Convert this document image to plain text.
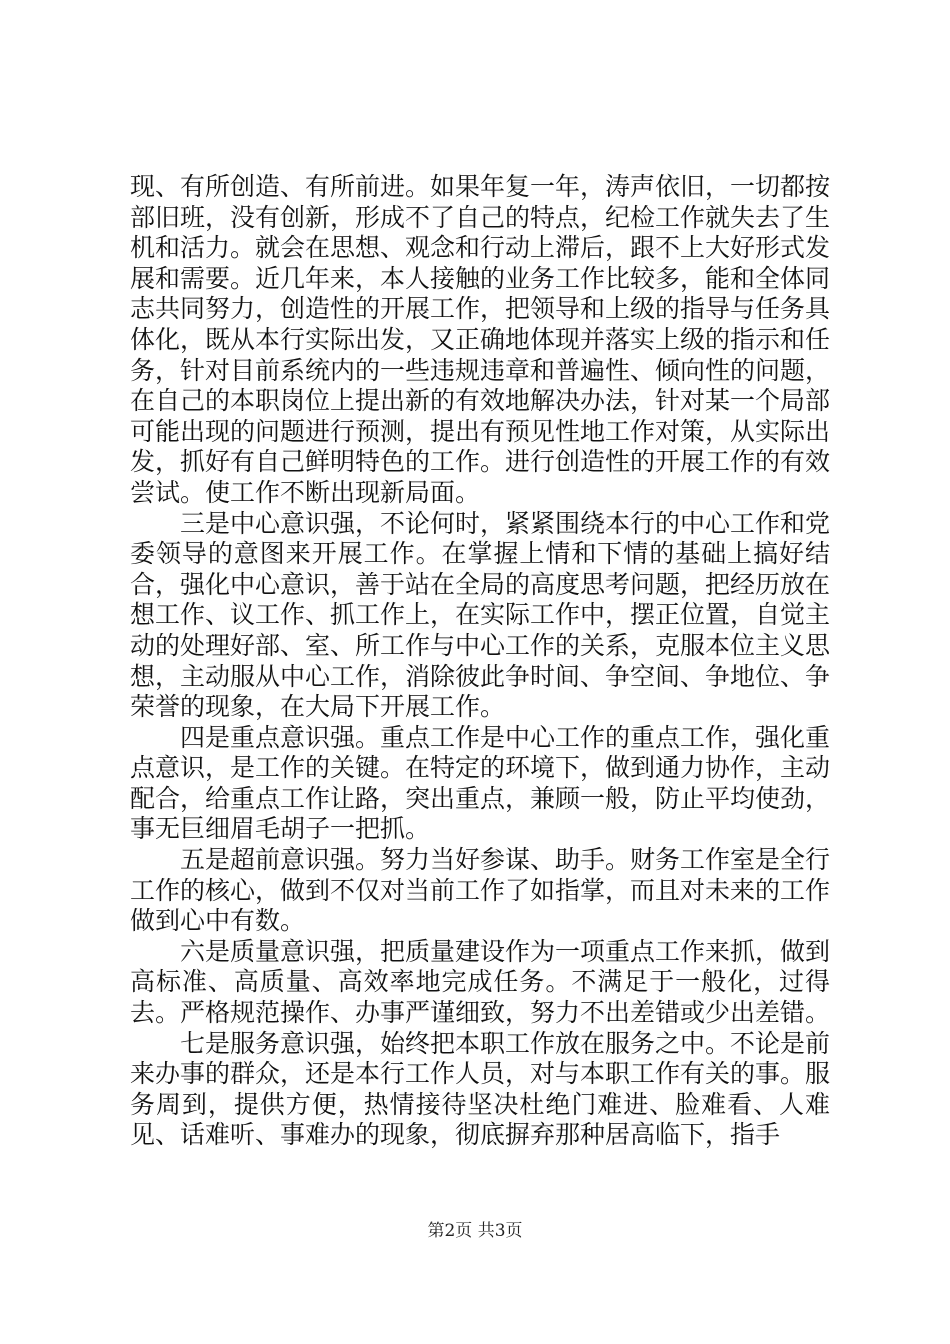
现、有所创造、有所前进。如果年复一年，涛声依旧，一切都按部旧班，没有创新，形成不了自己的特点，纪检工作就失去了生机和活力。就会在思想、观念和行动上滞后，跟不上大好形式发展和需要。近几年来，本人接触的业务工作比较多，能和全体同志共同努力，创造性的开展工作，把领导和上级的指导与任务具体化，既从本行实际出发，又正确地体现并落实上级的指示和任务，针对目前系统内的一些违规违章和普遍性、倾向性的问题，在自己的本职岗位上提出新的有效地解决办法，针对某一个局部可能出现的问题进行预测，提出有预见性地工作对策，从实际出发，抓好有自己鲜明特色的工作。进行创造性的开展工作的有效尝试。使工作不断出现新局面。

三是中心意识强，不论何时，紧紧围绕本行的中心工作和党委领导的意图来开展工作。在掌握上情和下情的基础上搞好结合，强化中心意识，善于站在全局的高度思考问题，把经历放在想工作、议工作、抓工作上，在实际工作中，摆正位置，自觉主动的处理好部、室、所工作与中心工作的关系，克服本位主义思想，主动服从中心工作，消除彼此争时间、争空间、争地位、争荣誉的现象，在大局下开展工作。

四是重点意识强。重点工作是中心工作的重点工作，强化重点意识，是工作的关键。在特定的环境下，做到通力协作，主动配合，给重点工作让路，突出重点，兼顾一般，防止平均使劲，事无巨细眉毛胡子一把抓。

五是超前意识强。努力当好参谋、助手。财务工作室是全行工作的核心，做到不仅对当前工作了如指掌，而且对未来的工作做到心中有数。

六是质量意识强，把质量建设作为一项重点工作来抓，做到高标准、高质量、高效率地完成任务。不满足于一般化，过得去。严格规范操作、办事严谨细致，努力不出差错或少出差错。

七是服务意识强，始终把本职工作放在服务之中。不论是前来办事的群众，还是本行工作人员，对与本职工作有关的事。服务周到，提供方便，热情接待坚决杜绝门难进、脸难看、人难见、话难听、事难办的现象，彻底摒弃那种居高临下，指手

第2页 共3页
